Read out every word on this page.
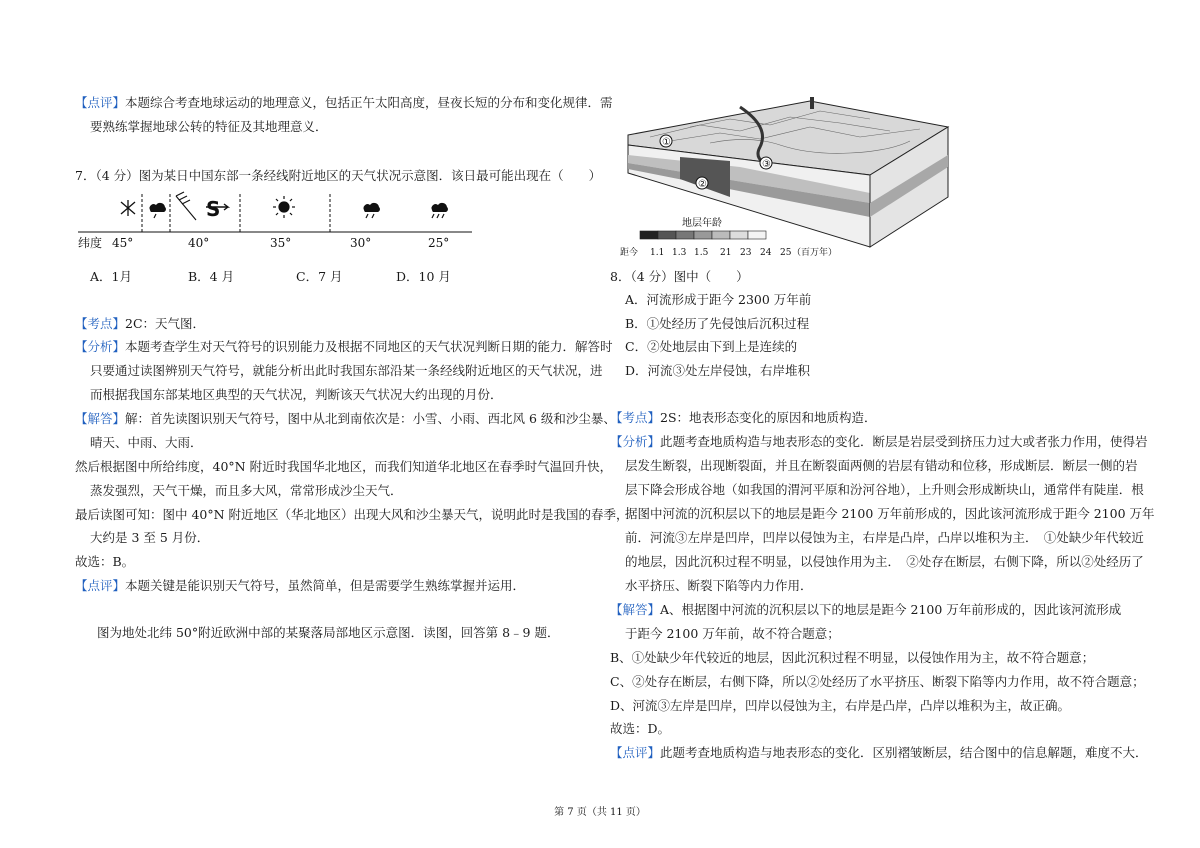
【点评】本题综合考查地球运动的地理意义，包括正午太阳高度，昼夜长短的分布和变化规律．需
要熟练掌握地球公转的特征及其地理意义．
7．（4 分）图为某日中国东部一条经线附近地区的天气状况示意图．该日最可能出现在（　　）
S
纬度 45°	40°	35°	30°	25°
A．1月	B．4 月	C．7 月	D．10 月
【考点】2C：天气图．
【分析】本题考查学生对天气符号的识别能力及根据不同地区的天气状况判断日期的能力．解答时
只要通过读图辨别天气符号，就能分析出此时我国东部沿某一条经线附近地区的天气状况，进
而根据我国东部某地区典型的天气状况，判断该天气状况大约出现的月份．
【解答】解：首先读图识别天气符号，图中从北到南依次是：小雪、小雨、西北风 6 级和沙尘暴、
晴天、中雨、大雨．
然后根据图中所给纬度，40°N 附近时我国华北地区，而我们知道华北地区在春季时气温回升快，
蒸发强烈，天气干燥，而且多大风，常常形成沙尘天气．
最后读图可知：图中 40°N 附近地区（华北地区）出现大风和沙尘暴天气，说明此时是我国的春季，
大约是 3 至 5 月份．
故选：B。
【点评】本题关键是能识别天气符号，虽然简单，但是需要学生熟练掌握并运用．
图为地处北纬 50°附近欧洲中部的某聚落局部地区示意图．读图，回答第 8﹣9 题．
①
②
③
地层年龄
距今 1.1 1.3 1.5 21 23 24 25 （百万年）
8．（4 分）图中（　　）
A．河流形成于距今 2300 万年前
B．①处经历了先侵蚀后沉积过程
C．②处地层由下到上是连续的
D．河流③处左岸侵蚀，右岸堆积
【考点】2S：地表形态变化的原因和地质构造．
【分析】此题考查地质构造与地表形态的变化．断层是岩层受到挤压力过大或者张力作用，使得岩
层发生断裂，出现断裂面，并且在断裂面两侧的岩层有错动和位移，形成断层．断层一侧的岩
层下降会形成谷地（如我国的渭河平原和汾河谷地），上升则会形成断块山，通常伴有陡崖．根
据图中河流的沉积层以下的地层是距今 2100 万年前形成的，因此该河流形成于距今 2100 万年
前．河流③左岸是凹岸，凹岸以侵蚀为主，右岸是凸岸，凸岸以堆积为主．　①处缺少年代较近
的地层，因此沉积过程不明显，以侵蚀作用为主．　②处存在断层，右侧下降，所以②处经历了
水平挤压、断裂下陷等内力作用．
【解答】A、根据图中河流的沉积层以下的地层是距今 2100 万年前形成的，因此该河流形成
于距今 2100 万年前，故不符合题意；
B、①处缺少年代较近的地层，因此沉积过程不明显，以侵蚀作用为主，故不符合题意；
C、②处存在断层，右侧下降，所以②处经历了水平挤压、断裂下陷等内力作用，故不符合题意；
D、河流③左岸是凹岸，凹岸以侵蚀为主，右岸是凸岸，凸岸以堆积为主，故正确。
故选：D。
【点评】此题考查地质构造与地表形态的变化．区别褶皱断层，结合图中的信息解题，难度不大．
第 7 页（共 11 页）
